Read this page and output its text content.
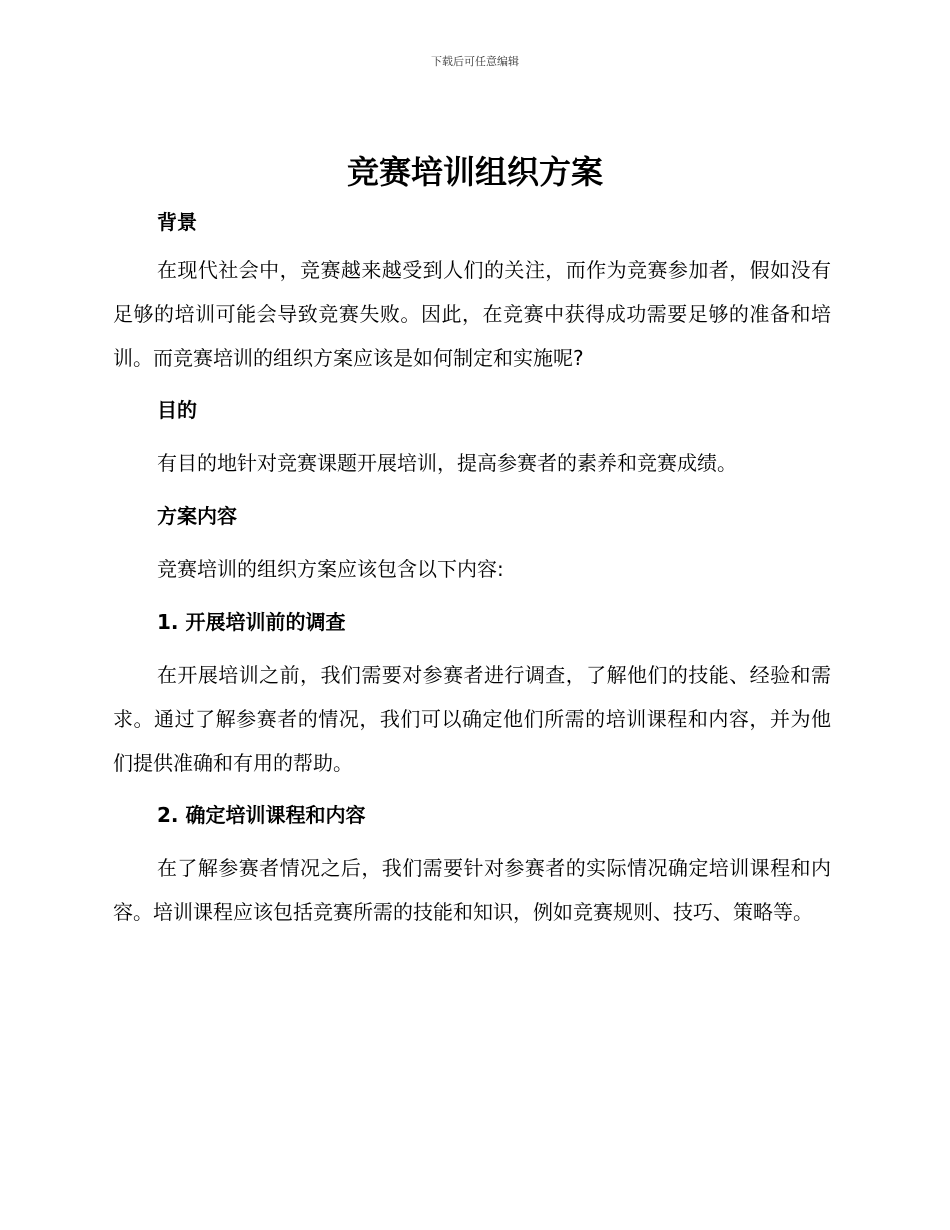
下载后可任意编辑
竞赛培训组织方案
背景

在现代社会中，竞赛越来越受到人们的关注，而作为竞赛参加者，假如没有足够的培训可能会导致竞赛失败。因此，在竞赛中获得成功需要足够的准备和培训。而竞赛培训的组织方案应该是如何制定和实施呢?

目的

有目的地针对竞赛课题开展培训，提高参赛者的素养和竞赛成绩。

方案内容

竞赛培训的组织方案应该包含以下内容:

1. 开展培训前的调查

在开展培训之前，我们需要对参赛者进行调查，了解他们的技能、经验和需求。通过了解参赛者的情况，我们可以确定他们所需的培训课程和内容，并为他们提供准确和有用的帮助。

2. 确定培训课程和内容

在了解参赛者情况之后，我们需要针对参赛者的实际情况确定培训课程和内容。培训课程应该包括竞赛所需的技能和知识，例如竞赛规则、技巧、策略等。
